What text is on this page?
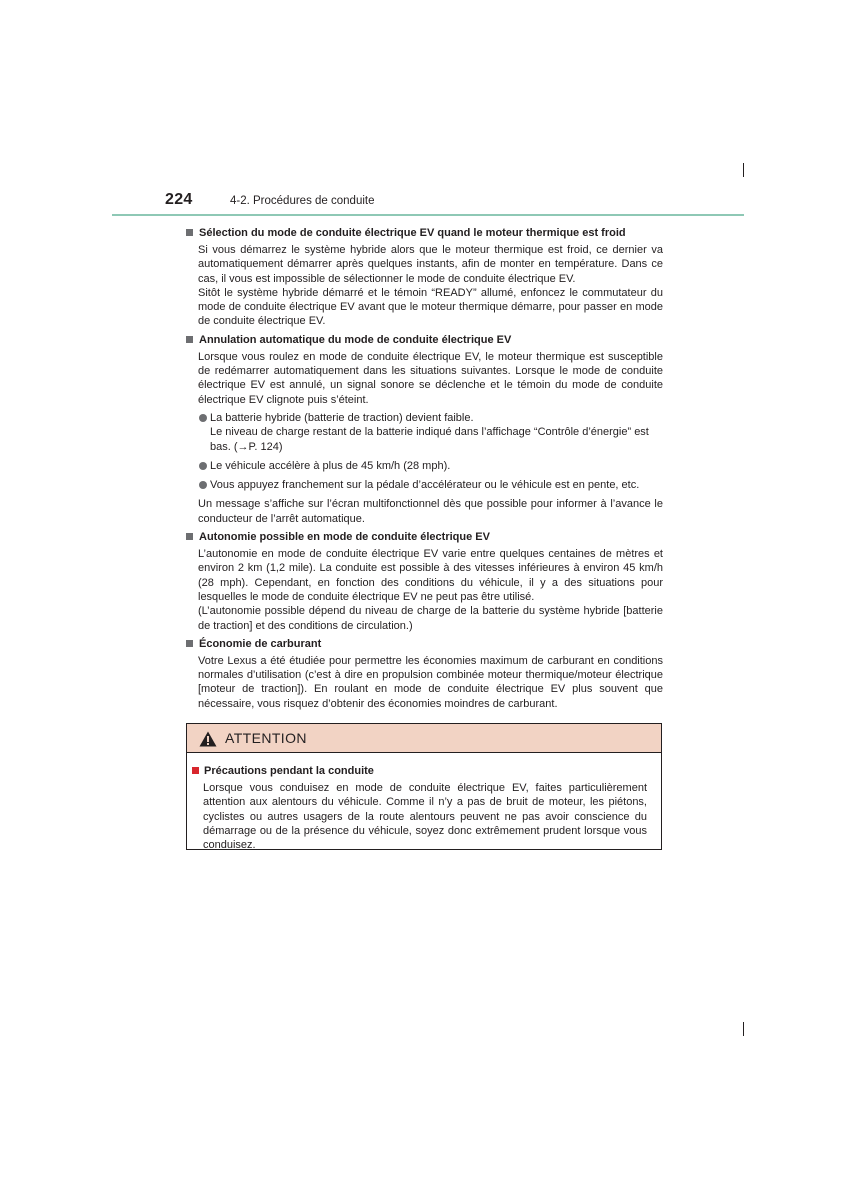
224	4-2. Procédures de conduite
Sélection du mode de conduite électrique EV quand le moteur thermique est froid
Si vous démarrez le système hybride alors que le moteur thermique est froid, ce dernier va automatiquement démarrer après quelques instants, afin de monter en température. Dans ce cas, il vous est impossible de sélectionner le mode de conduite électrique EV.
Sitôt le système hybride démarré et le témoin “READY” allumé, enfoncez le commutateur du mode de conduite électrique EV avant que le moteur thermique démarre, pour passer en mode de conduite électrique EV.
Annulation automatique du mode de conduite électrique EV
Lorsque vous roulez en mode de conduite électrique EV, le moteur thermique est susceptible de redémarrer automatiquement dans les situations suivantes. Lorsque le mode de conduite électrique EV est annulé, un signal sonore se déclenche et le témoin du mode de conduite électrique EV clignote puis s’éteint.
La batterie hybride (batterie de traction) devient faible.
Le niveau de charge restant de la batterie indiqué dans l’affichage “Contrôle d’énergie” est bas. (→P. 124)
Le véhicule accélère à plus de 45 km/h (28 mph).
Vous appuyez franchement sur la pédale d’accélérateur ou le véhicule est en pente, etc.
Un message s’affiche sur l’écran multifonctionnel dès que possible pour informer à l’avance le conducteur de l’arrêt automatique.
Autonomie possible en mode de conduite électrique EV
L’autonomie en mode de conduite électrique EV varie entre quelques centaines de mètres et environ 2 km (1,2 mile). La conduite est possible à des vitesses inférieures à environ 45 km/h (28 mph). Cependant, en fonction des conditions du véhicule, il y a des situations pour lesquelles le mode de conduite électrique EV ne peut pas être utilisé.
(L’autonomie possible dépend du niveau de charge de la batterie du système hybride [batterie de traction] et des conditions de circulation.)
Économie de carburant
Votre Lexus a été étudiée pour permettre les économies maximum de carburant en conditions normales d’utilisation (c’est à dire en propulsion combinée moteur thermique/moteur électrique [moteur de traction]). En roulant en mode de conduite électrique EV plus souvent que nécessaire, vous risquez d’obtenir des économies moindres de carburant.
ATTENTION
Précautions pendant la conduite
Lorsque vous conduisez en mode de conduite électrique EV, faites particulièrement attention aux alentours du véhicule. Comme il n’y a pas de bruit de moteur, les piétons, cyclistes ou autres usagers de la route alentours peuvent ne pas avoir conscience du démarrage ou de la présence du véhicule, soyez donc extrêmement prudent lorsque vous conduisez.
